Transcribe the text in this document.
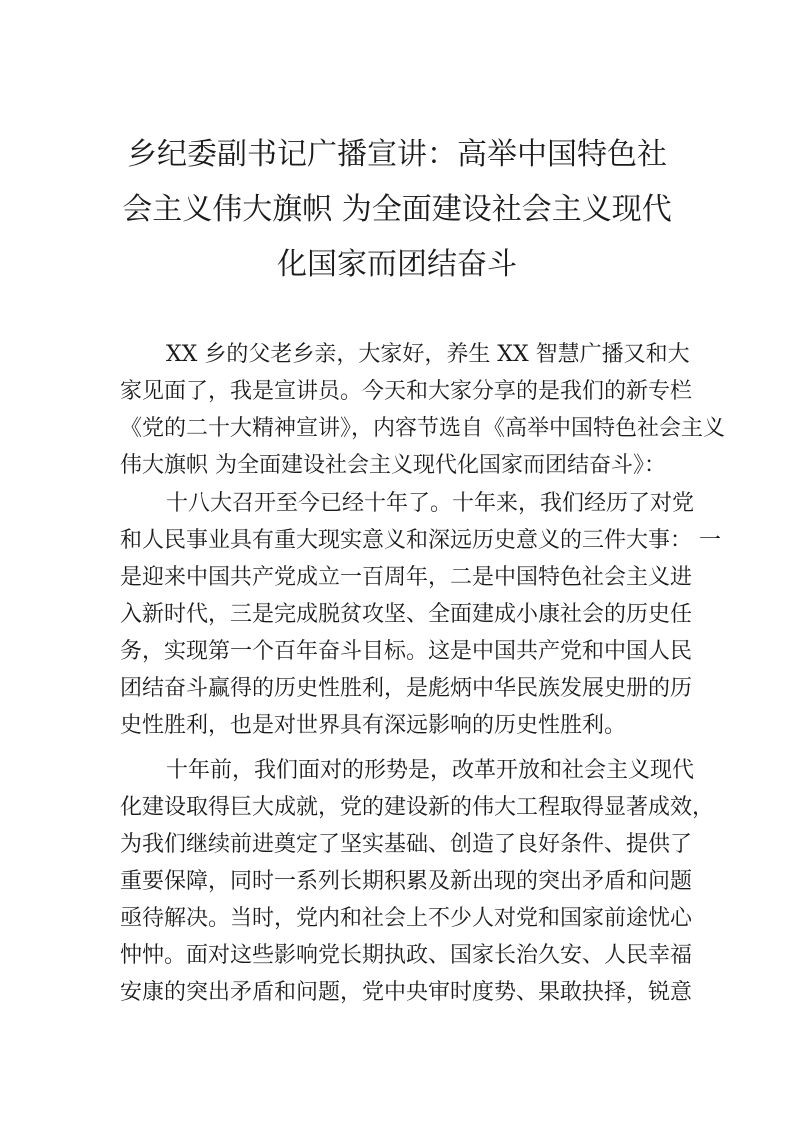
乡纪委副书记广播宣讲：高举中国特色社
会主义伟大旗帜 为全面建设社会主义现代
化国家而团结奋斗
XX 乡的父老乡亲，大家好，养生 XX 智慧广播又和大
家见面了，我是宣讲员。今天和大家分享的是我们的新专栏
《党的二十大精神宣讲》，内容节选自《高举中国特色社会主义
伟大旗帜 为全面建设社会主义现代化国家而团结奋斗》：
十八大召开至今已经十年了。十年来，我们经历了对党
和人民事业具有重大现实意义和深远历史意义的三件大事： 一
是迎来中国共产党成立一百周年，二是中国特色社会主义进
入新时代，三是完成脱贫攻坚、全面建成小康社会的历史任
务，实现第一个百年奋斗目标。这是中国共产党和中国人民
团结奋斗赢得的历史性胜利，是彪炳中华民族发展史册的历
史性胜利，也是对世界具有深远影响的历史性胜利。
十年前，我们面对的形势是，改革开放和社会主义现代
化建设取得巨大成就，党的建设新的伟大工程取得显著成效，
为我们继续前进奠定了坚实基础、创造了良好条件、提供了
重要保障，同时一系列长期积累及新出现的突出矛盾和问题
亟待解决。当时，党内和社会上不少人对党和国家前途忧心
忡忡。面对这些影响党长期执政、国家长治久安、人民幸福
安康的突出矛盾和问题，党中央审时度势、果敢抉择，锐意
